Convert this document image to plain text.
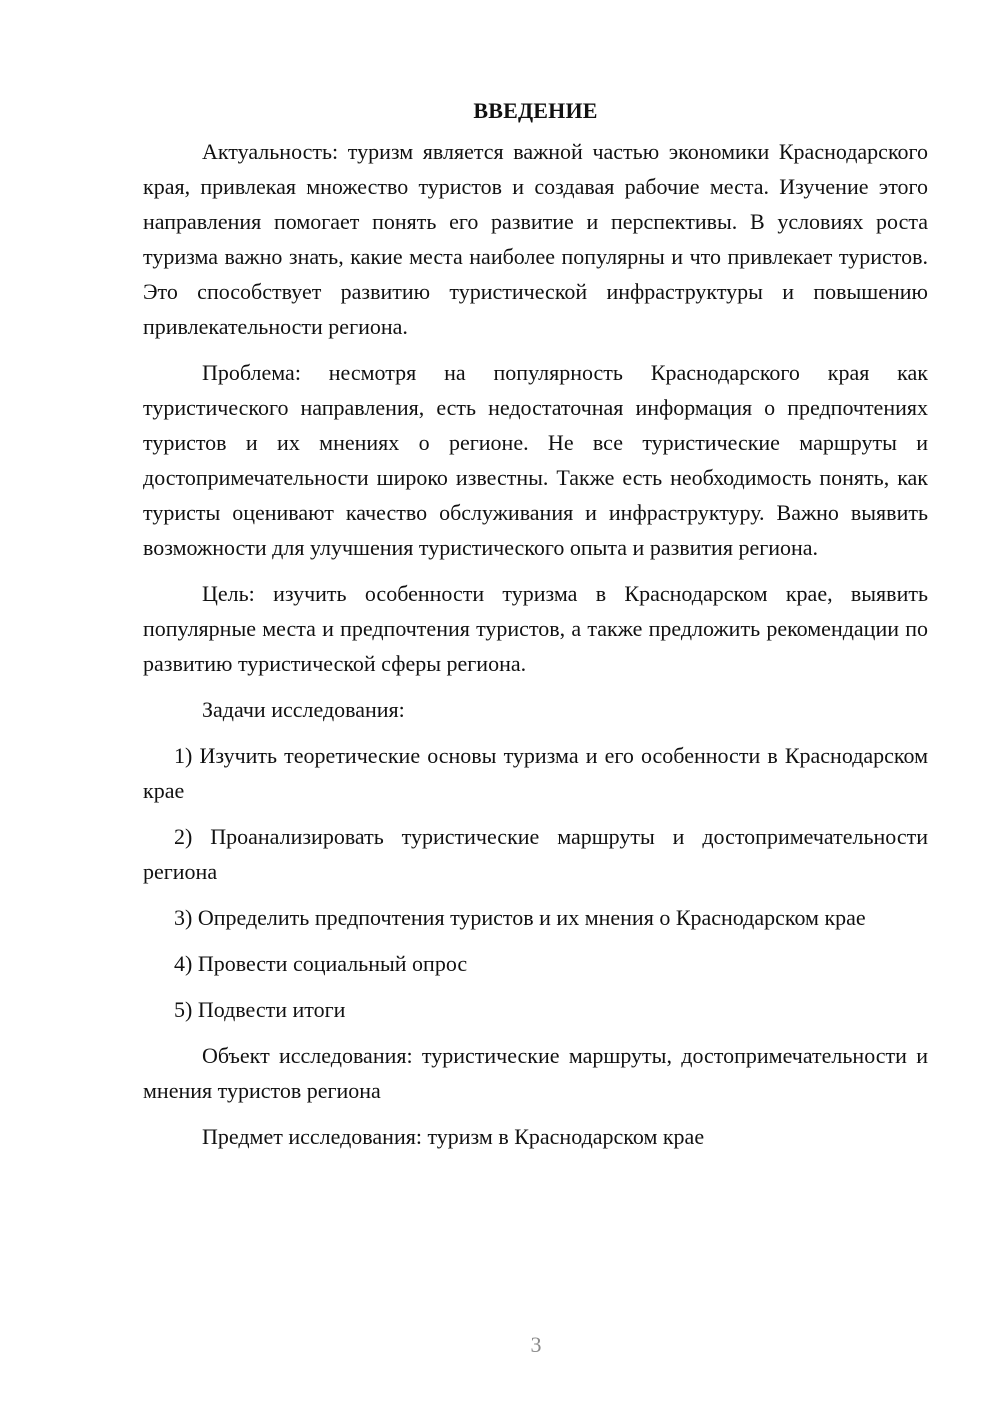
ВВЕДЕНИЕ

Актуальность: туризм является важной частью экономики Краснодарского края, привлекая множество туристов и создавая рабочие места. Изучение этого направления помогает понять его развитие и перспективы. В условиях роста туризма важно знать, какие места наиболее популярны и что привлекает туристов. Это способствует развитию туристической инфраструктуры и повышению привлекательности региона.

Проблема: несмотря на популярность Краснодарского края как туристического направления, есть недостаточная информация о предпочтениях туристов и их мнениях о регионе. Не все туристические маршруты и достопримечательности широко известны. Также есть необходимость понять, как туристы оценивают качество обслуживания и инфраструктуру. Важно выявить возможности для улучшения туристического опыта и развития региона.

Цель: изучить особенности туризма в Краснодарском крае, выявить популярные места и предпочтения туристов, а также предложить рекомендации по развитию туристической сферы региона.

Задачи исследования:

1) Изучить теоретические основы туризма и его особенности в Краснодарском крае

2) Проанализировать туристические маршруты и достопримечательности региона

3) Определить предпочтения туристов и их мнения о Краснодарском крае

4) Провести социальный опрос

5) Подвести итоги

Объект исследования: туристические маршруты, достопримечательности и мнения туристов региона

Предмет исследования: туризм в Краснодарском крае

3
